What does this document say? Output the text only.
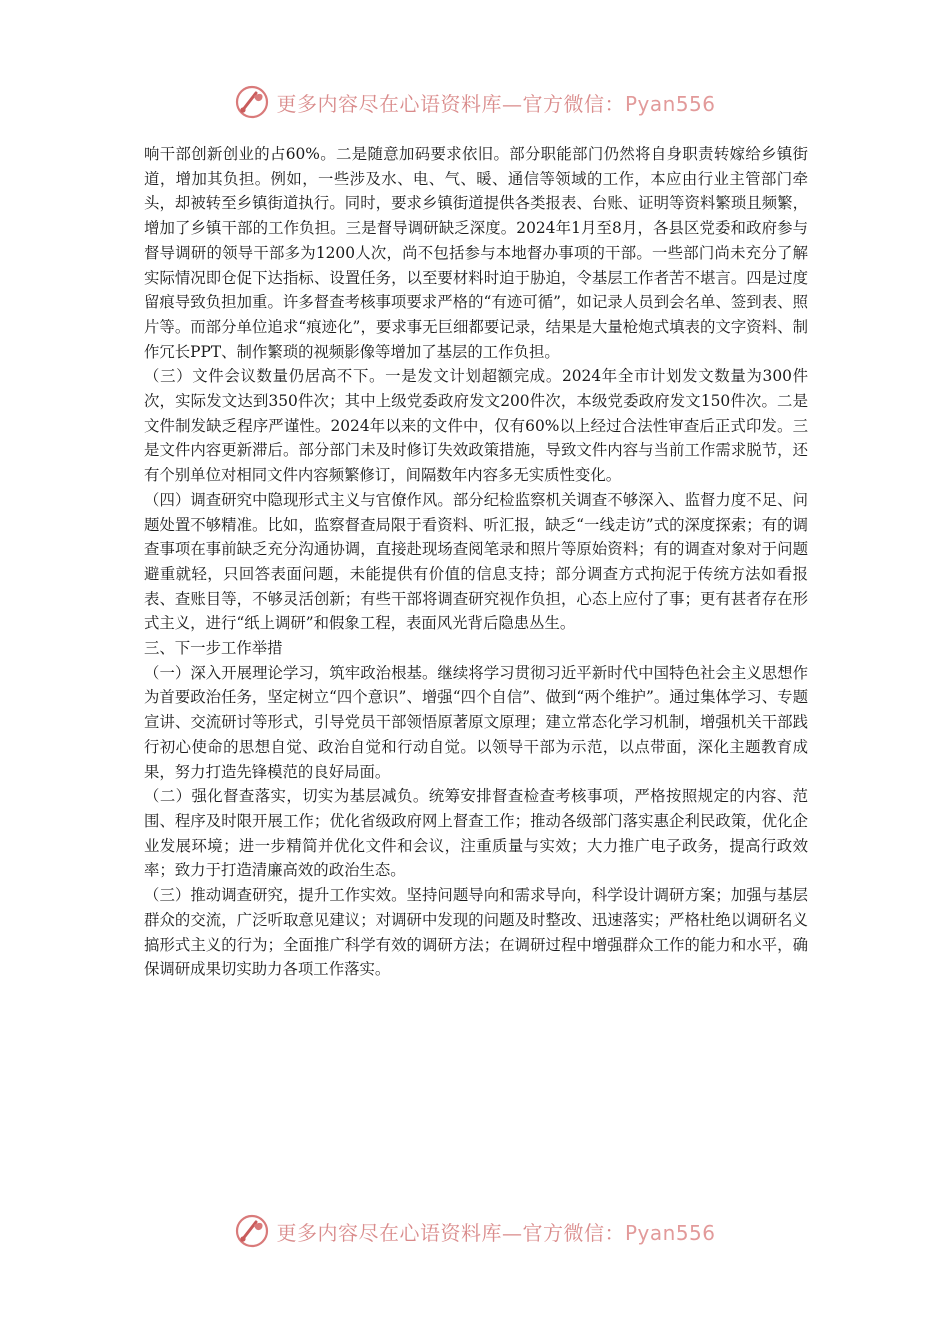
更多内容尽在心语资料库—官方微信：Pyan556

响干部创新创业的占60%。二是随意加码要求依旧。部分职能部门仍然将自身职责转嫁给乡镇街道，增加其负担。例如，一些涉及水、电、气、暖、通信等领域的工作，本应由行业主管部门牵头，却被转至乡镇街道执行。同时，要求乡镇街道提供各类报表、台账、证明等资料繁琐且频繁，增加了乡镇干部的工作负担。三是督导调研缺乏深度。2024年1月至8月，各县区党委和政府参与督导调研的领导干部多为1200人次，尚不包括参与本地督办事项的干部。一些部门尚未充分了解实际情况即仓促下达指标、设置任务，以至要材料时迫于胁迫，令基层工作者苦不堪言。四是过度留痕导致负担加重。许多督查考核事项要求严格的“有迹可循”，如记录人员到会名单、签到表、照片等。而部分单位追求“痕迹化”，要求事无巨细都要记录，结果是大量枪炮式填表的文字资料、制作冗长PPT、制作繁琐的视频影像等增加了基层的工作负担。

（三）文件会议数量仍居高不下。一是发文计划超额完成。2024年全市计划发文数量为300件次，实际发文达到350件次；其中上级党委政府发文200件次，本级党委政府发文150件次。二是文件制发缺乏程序严谨性。2024年以来的文件中，仅有60%以上经过合法性审查后正式印发。三是文件内容更新滞后。部分部门未及时修订失效政策措施，导致文件内容与当前工作需求脱节，还有个别单位对相同文件内容频繁修订，间隔数年内容多无实质性变化。

（四）调查研究中隐现形式主义与官僚作风。部分纪检监察机关调查不够深入、监督力度不足、问题处置不够精准。比如，监察督查局限于看资料、听汇报，缺乏“一线走访”式的深度探索；有的调查事项在事前缺乏充分沟通协调，直接赴现场查阅笔录和照片等原始资料；有的调查对象对于问题避重就轻，只回答表面问题，未能提供有价值的信息支持；部分调查方式拘泥于传统方法如看报表、查账目等，不够灵活创新；有些干部将调查研究视作负担，心态上应付了事；更有甚者存在形式主义，进行“纸上调研”和假象工程，表面风光背后隐患丛生。

三、下一步工作举措

（一）深入开展理论学习，筑牢政治根基。继续将学习贯彻习近平新时代中国特色社会主义思想作为首要政治任务，坚定树立“四个意识”、增强“四个自信”、做到“两个维护”。通过集体学习、专题宣讲、交流研讨等形式，引导党员干部领悟原著原文原理；建立常态化学习机制，增强机关干部践行初心使命的思想自觉、政治自觉和行动自觉。以领导干部为示范，以点带面，深化主题教育成果，努力打造先锋模范的良好局面。

（二）强化督查落实，切实为基层减负。统筹安排督查检查考核事项，严格按照规定的内容、范围、程序及时限开展工作；优化省级政府网上督查工作；推动各级部门落实惠企利民政策，优化企业发展环境；进一步精简并优化文件和会议，注重质量与实效；大力推广电子政务，提高行政效率；致力于打造清廉高效的政治生态。

（三）推动调查研究，提升工作实效。坚持问题导向和需求导向，科学设计调研方案；加强与基层群众的交流，广泛听取意见建议；对调研中发现的问题及时整改、迅速落实；严格杜绝以调研名义搞形式主义的行为；全面推广科学有效的调研方法；在调研过程中增强群众工作的能力和水平，确保调研成果切实助力各项工作落实。

更多内容尽在心语资料库—官方微信：Pyan556
